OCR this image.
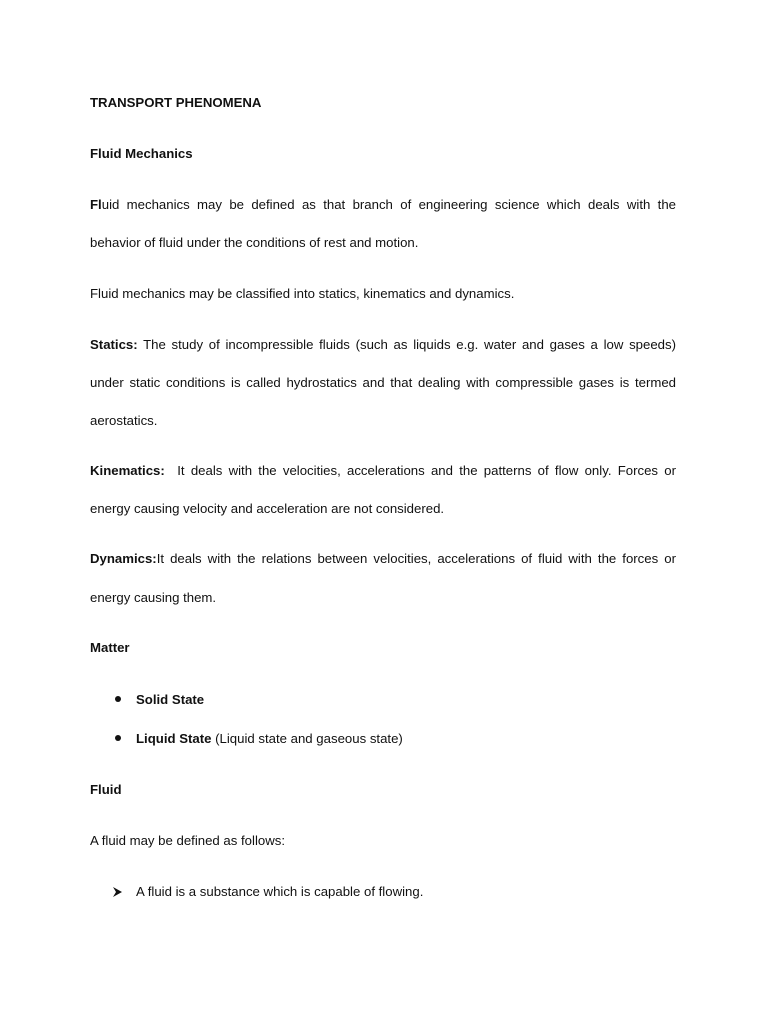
TRANSPORT PHENOMENA
Fluid Mechanics
Fluid mechanics may be defined as that branch of engineering science which deals with the
behavior of fluid under the conditions of rest and motion.
Fluid mechanics may be classified into statics, kinematics and dynamics.
Statics: The study of incompressible fluids (such as liquids e.g. water and gases a low speeds)
under static conditions is called hydrostatics and that dealing with compressible gases is termed
aerostatics.
Kinematics:  It deals with the velocities, accelerations and the patterns of flow only. Forces or
energy causing velocity and acceleration are not considered.
Dynamics:It deals with the relations between velocities, accelerations of fluid with the forces or
energy causing them.
Matter
Solid State
Liquid State (Liquid state and gaseous state)
Fluid
A fluid may be defined as follows:
A fluid is a substance which is capable of flowing.
